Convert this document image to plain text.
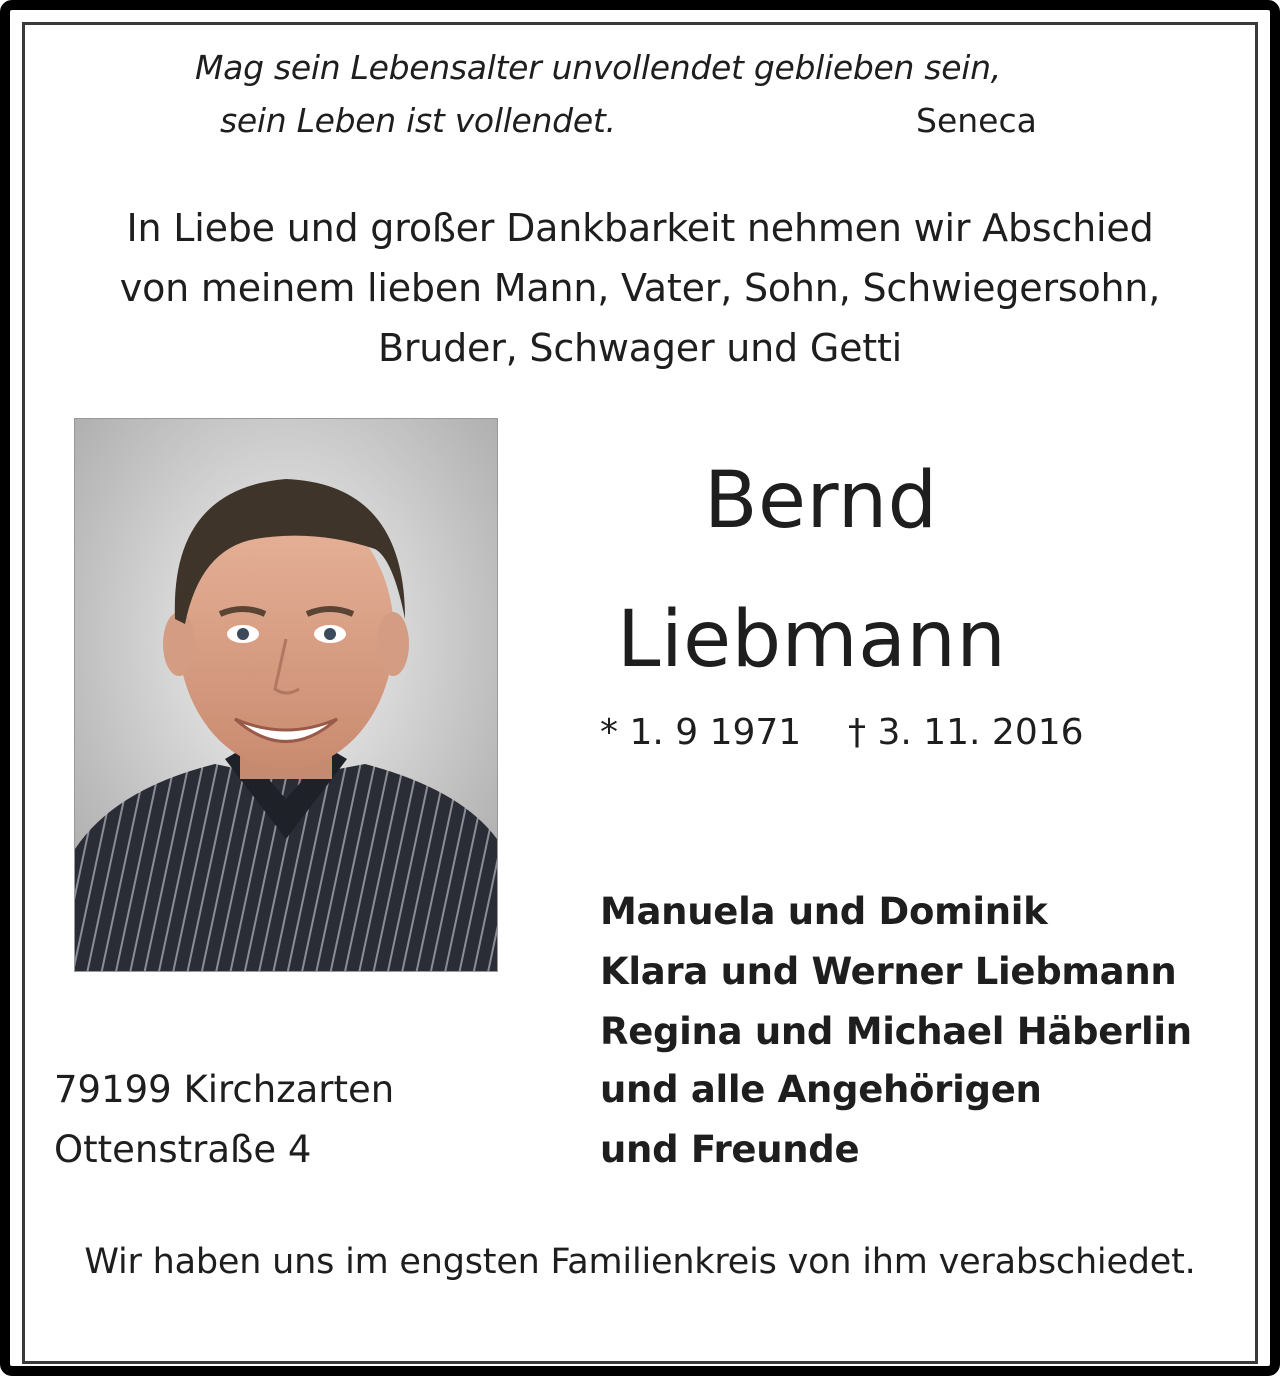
Mag sein Lebensalter unvollendet geblieben sein,
sein Leben ist vollendet.	Seneca
In Liebe und großer Dankbarkeit nehmen wir Abschied
von meinem lieben Mann, Vater, Sohn, Schwiegersohn,
Bruder, Schwager und Getti
Bernd
Liebmann
* 1. 9 1971 † 3. 11. 2016
Manuela und Dominik
Klara und Werner Liebmann
Regina und Michael Häberlin
und alle Angehörigen
und Freunde
79199 Kirchzarten
Ottenstraße 4
Wir haben uns im engsten Familienkreis von ihm verabschiedet.
